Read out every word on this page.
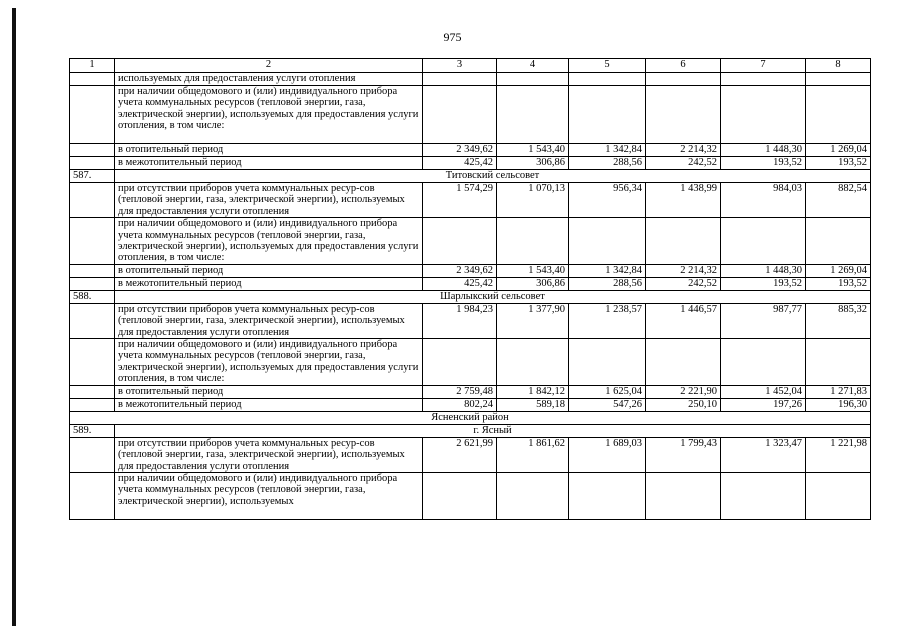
975
1	2	3	4	5	6	7	8
	используемых для предоставления услуги отопления						
	при наличии общедомового и (или) индивидуального прибора учета коммунальных ресурсов (тепловой энергии, газа, электрической энергии), используемых для предоставления услуги отопления, в том числе:						
	в отопительный период	2 349,62	1 543,40	1 342,84	2 214,32	1 448,30	1 269,04
	в межотопительный период	425,42	306,86	288,56	242,52	193,52	193,52
587.	Титовский сельсовет						
	при отсутствии приборов учета коммунальных ресур-сов (тепловой энергии, газа, электрической энергии), используемых для предоставления услуги отопления	1 574,29	1 070,13	956,34	1 438,99	984,03	882,54
	при наличии общедомового и (или) индивидуального прибора учета коммунальных ресурсов (тепловой энергии, газа, электрической энергии), используемых для предоставления услуги отопления, в том числе:						
	в отопительный период	2 349,62	1 543,40	1 342,84	2 214,32	1 448,30	1 269,04
	в межотопительный период	425,42	306,86	288,56	242,52	193,52	193,52
588.	Шарлыкский сельсовет						
	при отсутствии приборов учета коммунальных ресур-сов (тепловой энергии, газа, электрической энергии), используемых для предоставления услуги отопления	1 984,23	1 377,90	1 238,57	1 446,57	987,77	885,32
	при наличии общедомового и (или) индивидуального прибора учета коммунальных ресурсов (тепловой энергии, газа, электрической энергии), используемых для предоставления услуги отопления, в том числе:						
	в отопительный период	2 759,48	1 842,12	1 625,04	2 221,90	1 452,04	1 271,83
	в межотопительный период	802,24	589,18	547,26	250,10	197,26	196,30
Ясненский район							
589.	г. Ясный						
	при отсутствии приборов учета коммунальных ресур-сов (тепловой энергии, газа, электрической энергии), используемых для предоставления услуги отопления	2 621,99	1 861,62	1 689,03	1 799,43	1 323,47	1 221,98
	при наличии общедомового и (или) индивидуального прибора учета коммунальных ресурсов (тепловой энергии, газа, электрической энергии), используемых						
